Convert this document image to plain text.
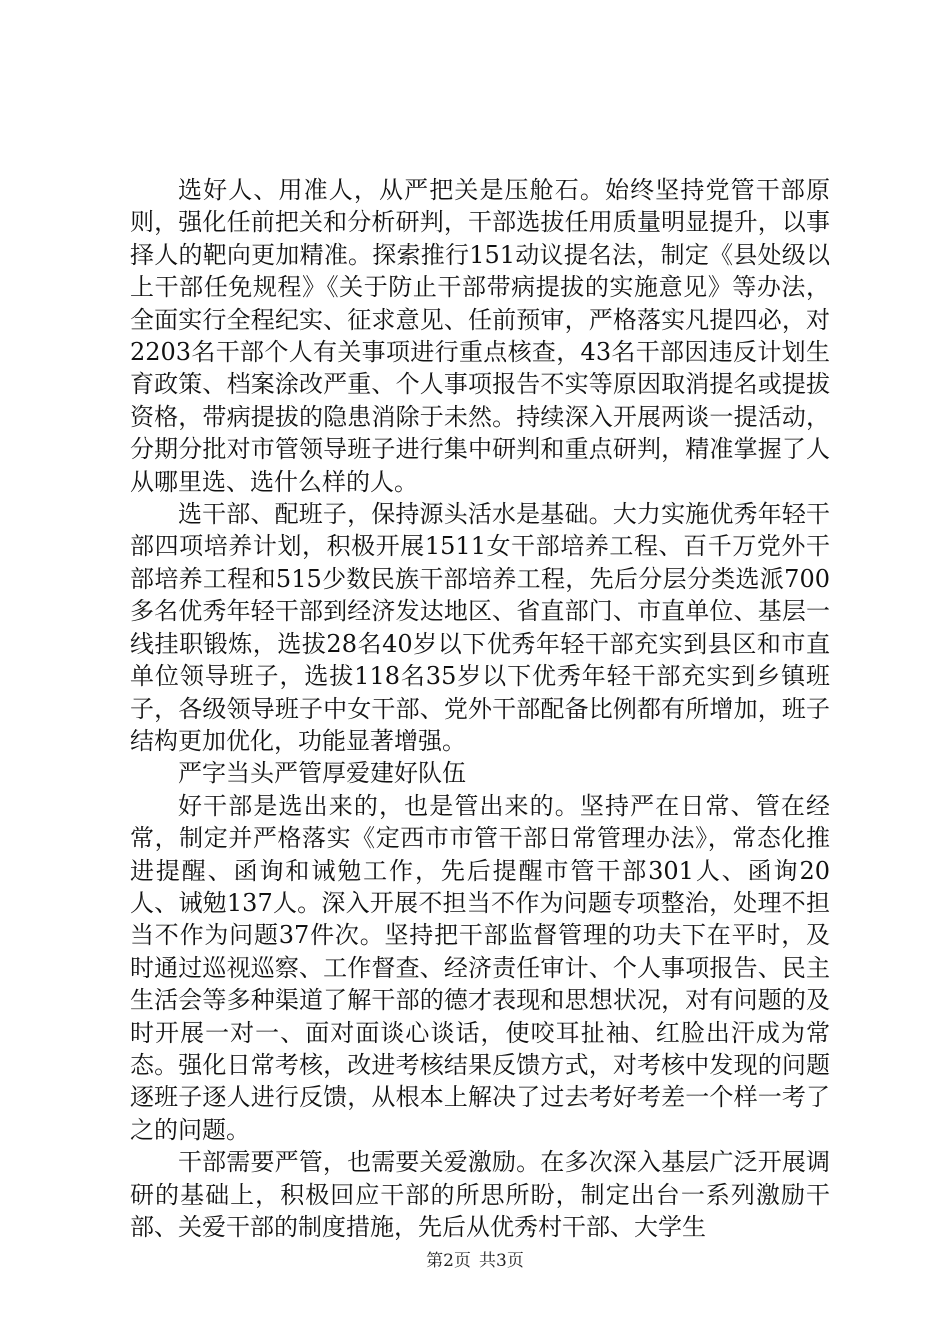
选好人、用准人，从严把关是压舱石。始终坚持党管干部原则，强化任前把关和分析研判，干部选拔任用质量明显提升，以事择人的靶向更加精准。探索推行151动议提名法，制定《县处级以上干部任免规程》《关于防止干部带病提拔的实施意见》等办法，全面实行全程纪实、征求意见、任前预审，严格落实凡提四必，对2203名干部个人有关事项进行重点核查，43名干部因违反计划生育政策、档案涂改严重、个人事项报告不实等原因取消提名或提拔资格，带病提拔的隐患消除于未然。持续深入开展两谈一提活动，分期分批对市管领导班子进行集中研判和重点研判，精准掌握了人从哪里选、选什么样的人。

选干部、配班子，保持源头活水是基础。大力实施优秀年轻干部四项培养计划，积极开展1511女干部培养工程、百千万党外干部培养工程和515少数民族干部培养工程，先后分层分类选派700多名优秀年轻干部到经济发达地区、省直部门、市直单位、基层一线挂职锻炼，选拔28名40岁以下优秀年轻干部充实到县区和市直单位领导班子，选拔118名35岁以下优秀年轻干部充实到乡镇班子，各级领导班子中女干部、党外干部配备比例都有所增加，班子结构更加优化，功能显著增强。

严字当头严管厚爱建好队伍

好干部是选出来的，也是管出来的。坚持严在日常、管在经常，制定并严格落实《定西市市管干部日常管理办法》，常态化推进提醒、函询和诫勉工作，先后提醒市管干部301人、函询20人、诫勉137人。深入开展不担当不作为问题专项整治，处理不担当不作为问题37件次。坚持把干部监督管理的功夫下在平时，及时通过巡视巡察、工作督查、经济责任审计、个人事项报告、民主生活会等多种渠道了解干部的德才表现和思想状况，对有问题的及时开展一对一、面对面谈心谈话，使咬耳扯袖、红脸出汗成为常态。强化日常考核，改进考核结果反馈方式，对考核中发现的问题逐班子逐人进行反馈，从根本上解决了过去考好考差一个样一考了之的问题。

干部需要严管，也需要关爱激励。在多次深入基层广泛开展调研的基础上，积极回应干部的所思所盼，制定出台一系列激励干部、关爱干部的制度措施，先后从优秀村干部、大学生

第2页 共3页
